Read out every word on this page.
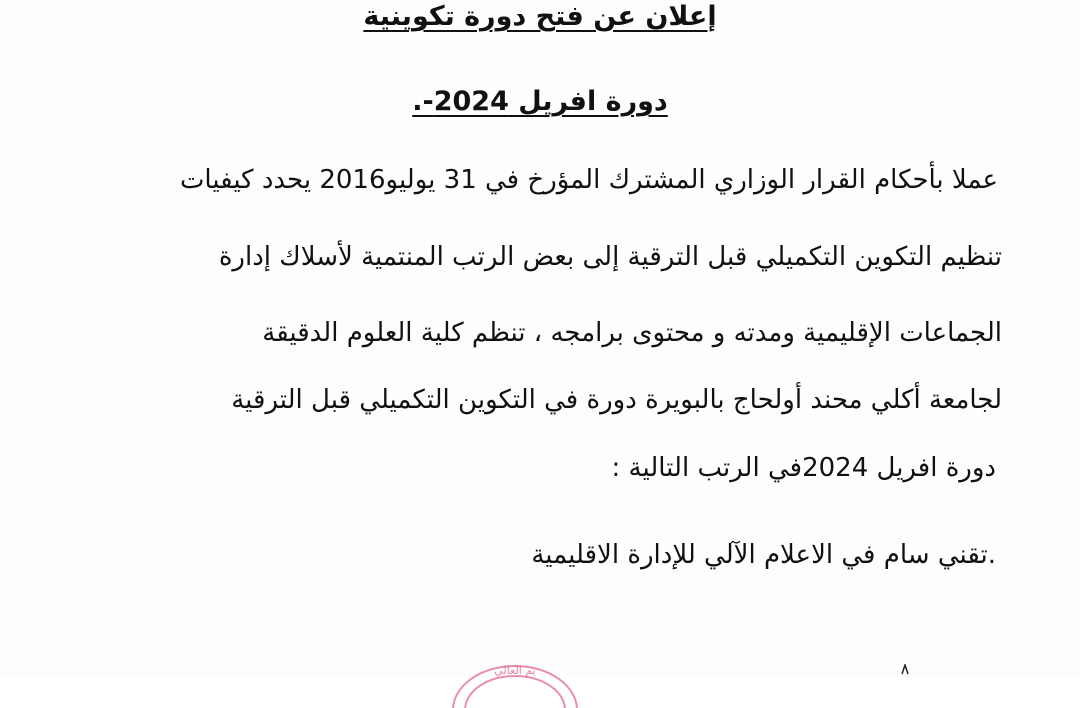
إعلان عن فتح دورة تكوينية
دورة افريل 2024-.
عملا بأحكام القرار الوزاري المشترك المؤرخ في 31 يوليو2016 يحدد كيفيات
تنظيم التكوين التكميلي قبل الترقية إلى بعض الرتب المنتمية لأسلاك إدارة
الجماعات الإقليمية ومدته و محتوى برامجه ، تنظم كلية العلوم الدقيقة
لجامعة أكلي محند أولحاج بالبويرة دورة في التكوين التكميلي قبل الترقية
دورة افريل 2024في الرتب التالية :
.تقني سام في الاعلام الآلي للإدارة الاقليمية
يم العالي
